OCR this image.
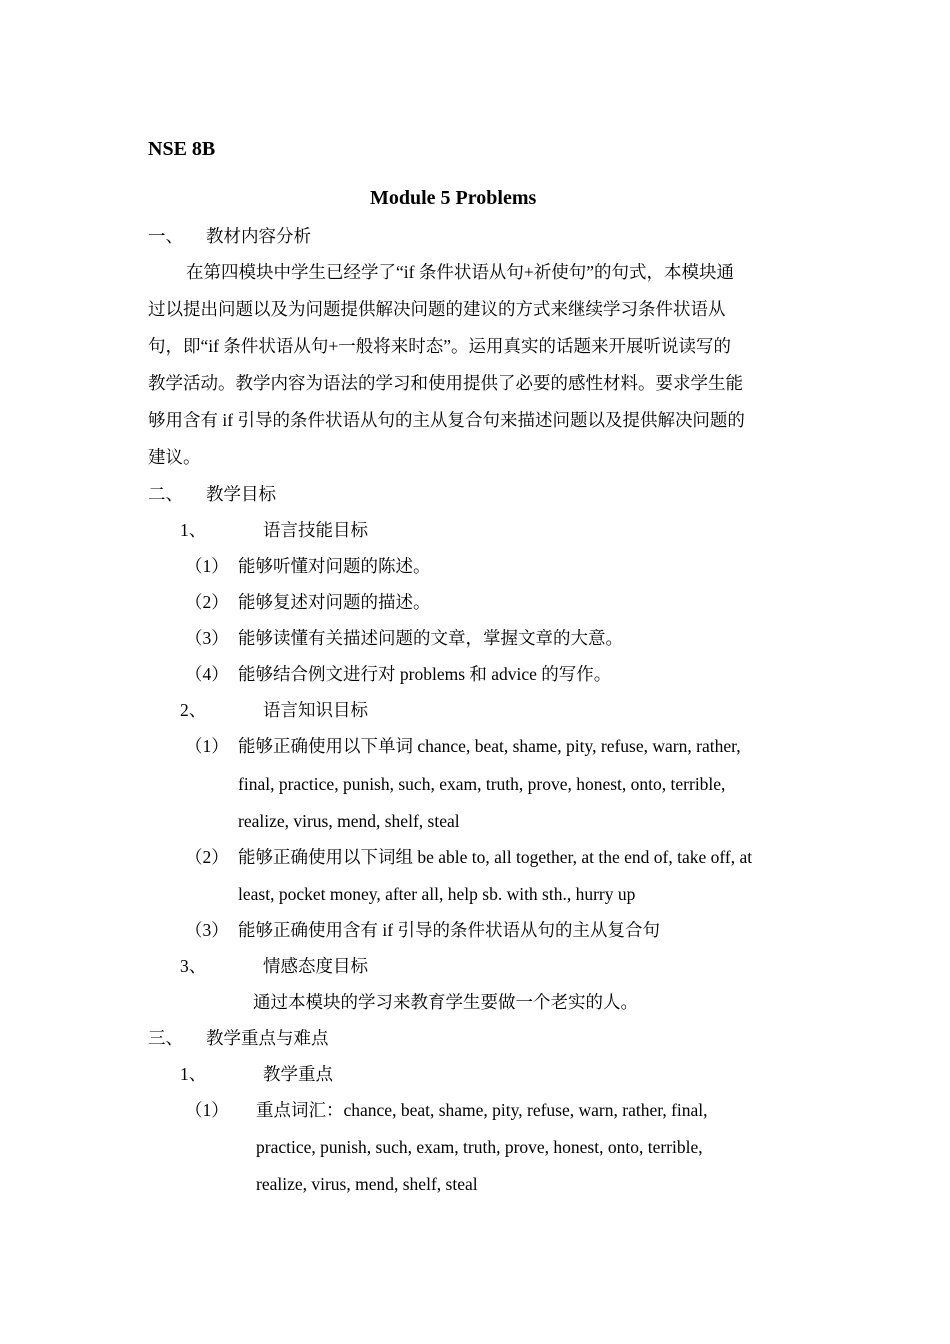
NSE 8B
Module 5 Problems
一、 教材内容分析
在第四模块中学生已经学了“if 条件状语从句+祈使句”的句式，本模块通
过以提出问题以及为问题提供解决问题的建议的方式来继续学习条件状语从
句，即“if 条件状语从句+一般将来时态”。运用真实的话题来开展听说读写的
教学活动。教学内容为语法的学习和使用提供了必要的感性材料。要求学生能
够用含有 if 引导的条件状语从句的主从复合句来描述问题以及提供解决问题的
建议。
二、 教学目标
1、	语言技能目标
（1） 能够听懂对问题的陈述。
（2） 能够复述对问题的描述。
（3） 能够读懂有关描述问题的文章，掌握文章的大意。
（4） 能够结合例文进行对 problems 和 advice 的写作。
2、	语言知识目标
（1） 能够正确使用以下单词 chance, beat, shame, pity, refuse, warn, rather,
final, practice, punish, such, exam, truth, prove, honest, onto, terrible,
realize, virus, mend, shelf, steal
（2） 能够正确使用以下词组 be able to, all together, at the end of, take off, at
least, pocket money, after all, help sb. with sth., hurry up
（3） 能够正确使用含有 if 引导的条件状语从句的主从复合句
3、	情感态度目标
通过本模块的学习来教育学生要做一个老实的人。
三、 教学重点与难点
1、	教学重点
（1） 重点词汇：chance, beat, shame, pity, refuse, warn, rather, final,
practice, punish, such, exam, truth, prove, honest, onto, terrible,
realize, virus, mend, shelf, steal
